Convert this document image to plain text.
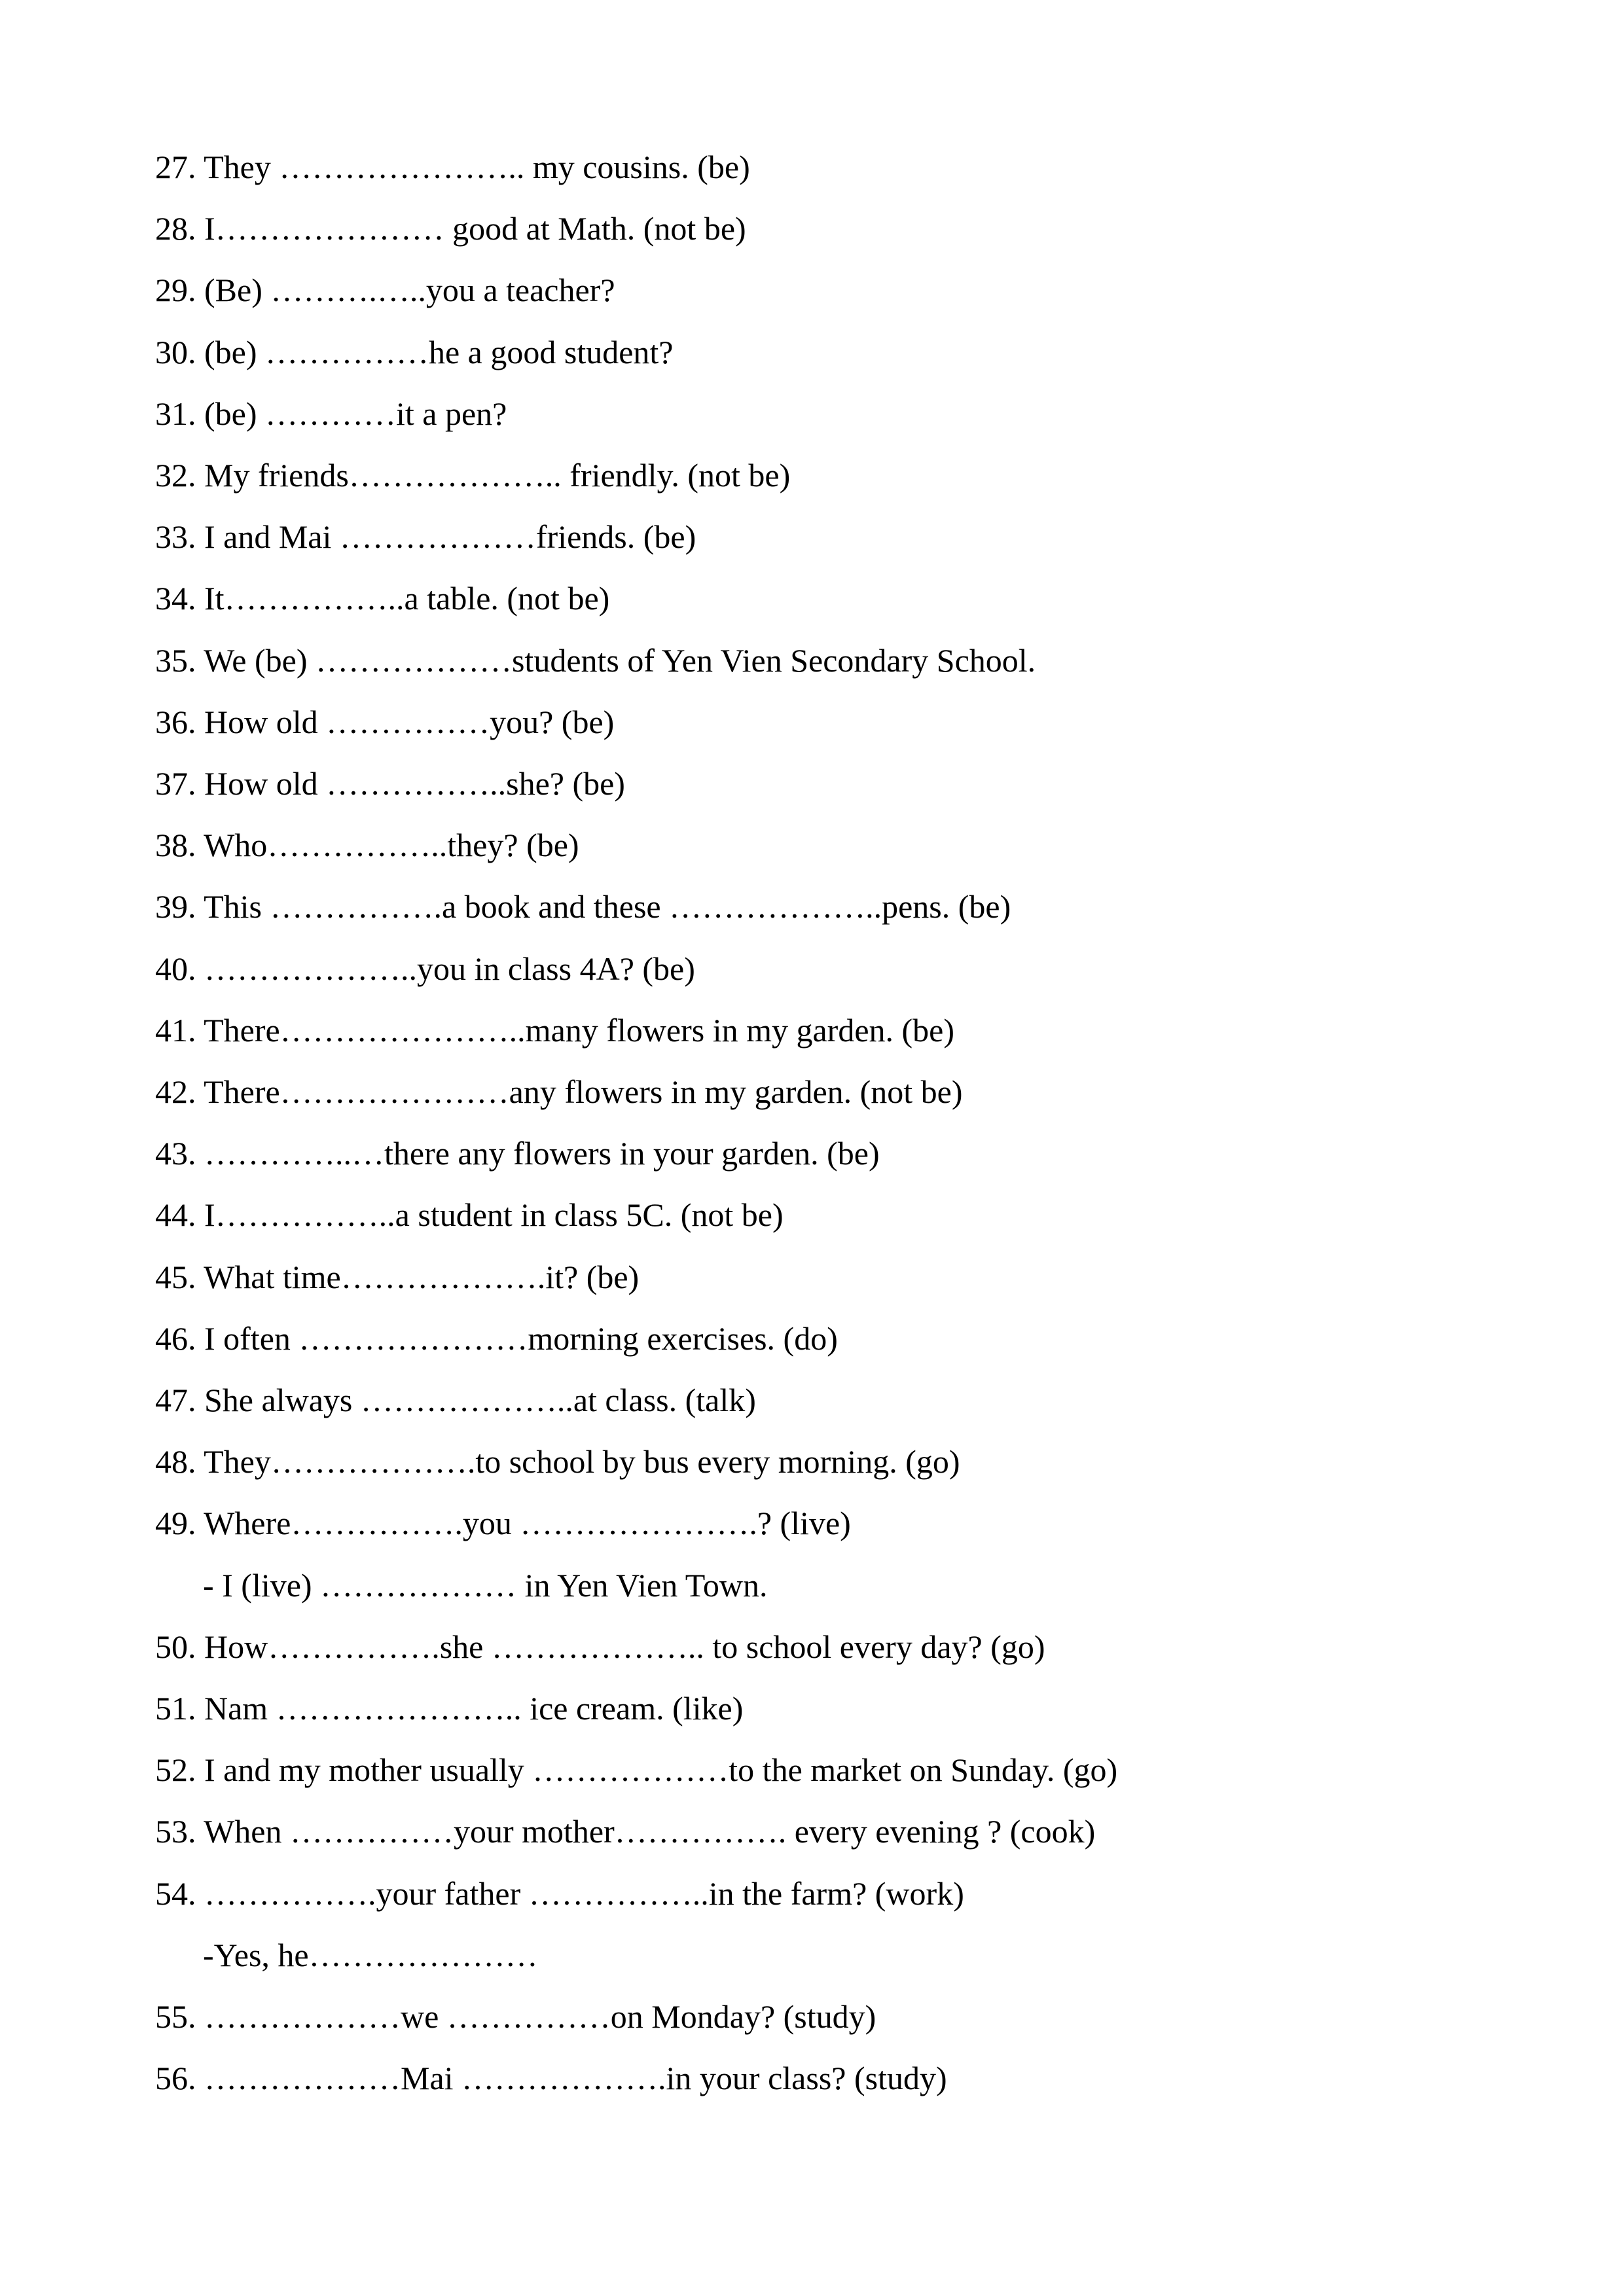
27. They ………………….. my cousins. (be)
28. I………………… good at Math. (not be)
29. (Be) ……….…..you a teacher?
30. (be) ……………he a good student?
31. (be) …………it a pen?
32. My friends……………….. friendly. (not be)
33. I and Mai ………………friends. (be)
34. It……………..a table. (not be)
35. We (be) ………………students of Yen Vien Secondary School.
36. How old ……………you? (be)
37. How old ……………..she? (be)
38. Who……………..they? (be)
39. This …………….a book and these ………………..pens. (be)
40. ………………..you in class 4A? (be)
41. There…………………..many flowers in my garden. (be)
42. There…………………any flowers in my garden. (not be)
43. …………..…there any flowers in your garden. (be)
44. I……………..a student in class 5C. (not be)
45. What time……………….it? (be)
46. I often …………………morning exercises. (do)
47. She always ………………..at class. (talk)
48. They……………….to school by bus every morning. (go)
49. Where…………….you ………………….? (live)
- I (live) ……………… in Yen Vien Town.
50. How…………….she ……………….. to school every day? (go)
51. Nam ………………….. ice cream. (like)
52. I and my mother usually ………………to the market on Sunday. (go)
53. When ……………your mother……………. every evening ? (cook)
54. …………….your father ……………..in the farm? (work)
-Yes, he…………………
55. ………………we ……………on Monday? (study)
56. ………………Mai ……………….in your class? (study)
